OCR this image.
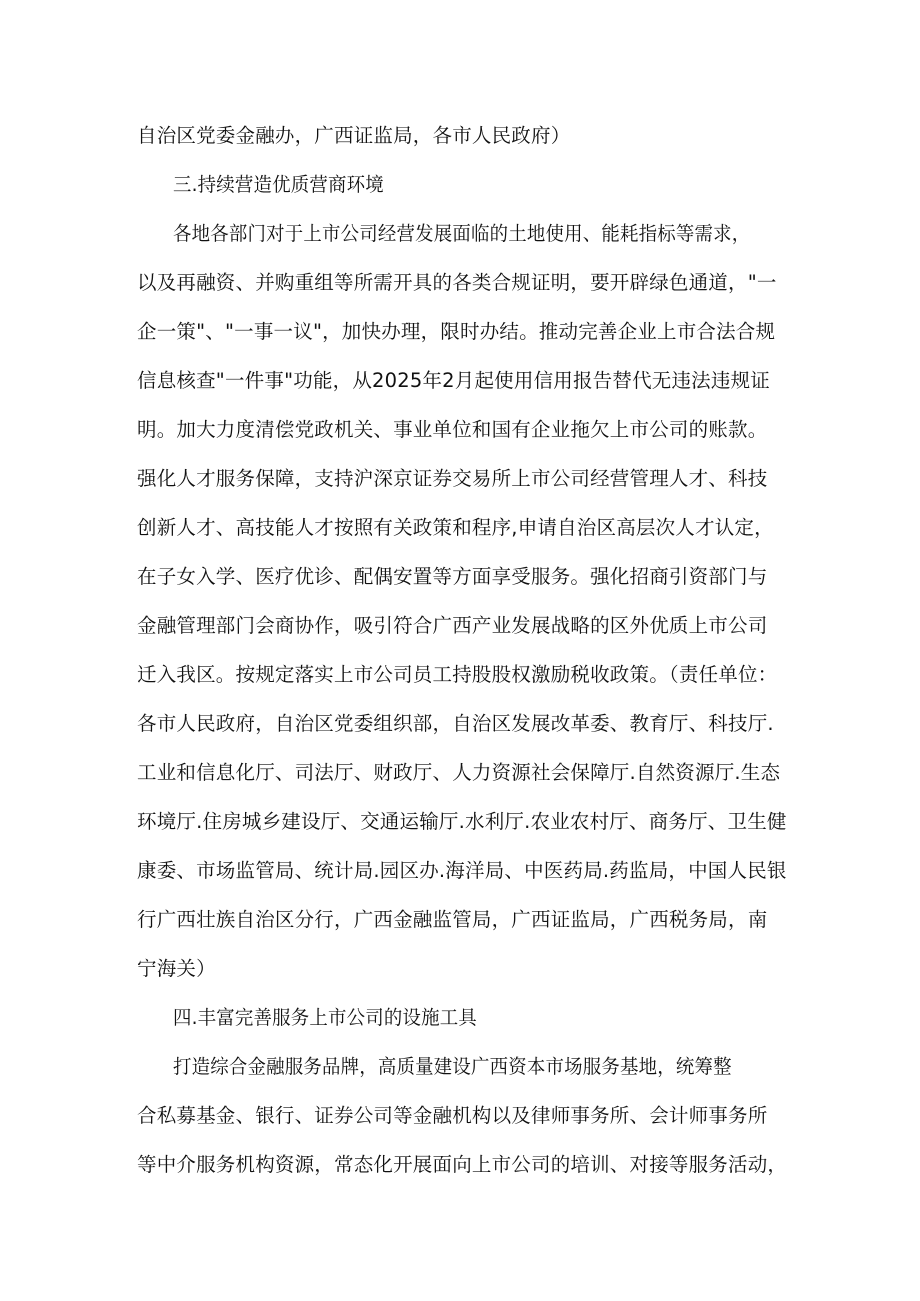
自治区党委金融办，广西证监局，各市人民政府）
三.持续营造优质营商环境
各地各部门对于上市公司经营发展面临的土地使用、能耗指标等需求，
以及再融资、并购重组等所需开具的各类合规证明，要开辟绿色通道，"一
企一策"、"一事一议"，加快办理，限时办结。推动完善企业上市合法合规
信息核查"一件事"功能，从2025年2月起使用信用报告替代无违法违规证
明。加大力度清偿党政机关、事业单位和国有企业拖欠上市公司的账款。
强化人才服务保障，支持沪深京证券交易所上市公司经营管理人才、科技
创新人才、高技能人才按照有关政策和程序,申请自治区高层次人才认定，
在子女入学、医疗优诊、配偶安置等方面享受服务。强化招商引资部门与
金融管理部门会商协作，吸引符合广西产业发展战略的区外优质上市公司
迁入我区。按规定落实上市公司员工持股股权激励税收政策。（责任单位：
各市人民政府，自治区党委组织部，自治区发展改革委、教育厅、科技厅.
工业和信息化厅、司法厅、财政厅、人力资源社会保障厅.自然资源厅.生态
环境厅.住房城乡建设厅、交通运输厅.水利厅.农业农村厅、商务厅、卫生健
康委、市场监管局、统计局.园区办.海洋局、中医药局.药监局，中国人民银
行广西壮族自治区分行，广西金融监管局，广西证监局，广西税务局，南
宁海关）
四.丰富完善服务上市公司的设施工具
打造综合金融服务品牌，高质量建设广西资本市场服务基地，统筹整
合私募基金、银行、证券公司等金融机构以及律师事务所、会计师事务所
等中介服务机构资源，常态化开展面向上市公司的培训、对接等服务活动，
